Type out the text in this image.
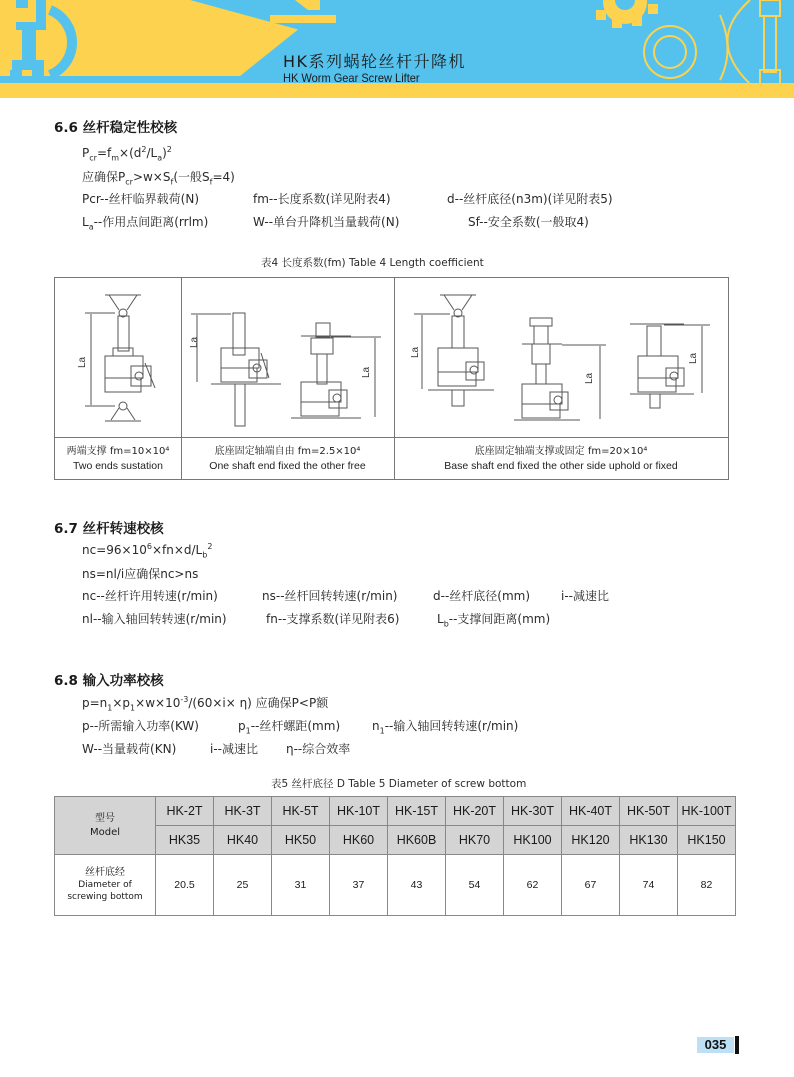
HK系列蜗轮丝杆升降机
HK Worm Gear Screw Lifter
6.6 丝杆稳定性校核
$P_{cr}=f_m\times(d^2/L_a)^2$
应确保$P_{cr}>w\times S_f$(一般$S_f=4$)
Pcr--丝杆临界载荷(N)	fm--长度系数(详见附表4)	d--丝杆底径(n3m)(详见附表5)
$L_a--$作用点间距离(rrlm)	W--单台升降机当量载荷(N)	Sf--安全系数(一般取4)
表4 长度系数(fm) Table 4 Length coefficient
La
两端支撑 fm=10×10⁴
Two ends sustation
La
La
底座固定轴端自由 fm=2.5×10⁴
One shaft end fixed the other free
La
La
La
底座固定轴端支撑或固定 fm=20×10⁴
Base shaft end fixed the other side uphold or fixed
6.7 丝杆转速校核
$nc=96\times 10^6\times fn\times d/L_b^2$
ns=nl/i应确保nc>ns
nc--丝杆许用转速(r/min)	ns--丝杆回转转速(r/min)	d--丝杆底径(mm)	i--减速比
nl--输入轴回转转速(r/min)	fn--支撑系数(详见附表6)	$L_b--$支撑间距离(mm)
6.8 输入功率校核
$p=n_1\times p_1\times w\times 10^{-3}/(60\times i\times \eta)$ 应确保P<P额
p--所需输入功率(KW)	$p_1--$丝杆螺距(mm)	$n_1--$输入轴回转转速(r/min)
W--当量载荷(KN)	i--减速比 η--综合效率
表5 丝杆底径 D Table 5 Diameter of screw bottom
型号
Model	HK-2T	HK-3T	HK-5T	HK-10T	HK-15T	HK-20T	HK-30T	HK-40T	HK-50T	HK-100T
	HK35	HK40	HK50	HK60	HK60B	HK70	HK100	HK120	HK130	HK150

丝杆底经
Diameter of
screwing bottom	20.5	25	31	37	43	54	62	67	74	82
035
